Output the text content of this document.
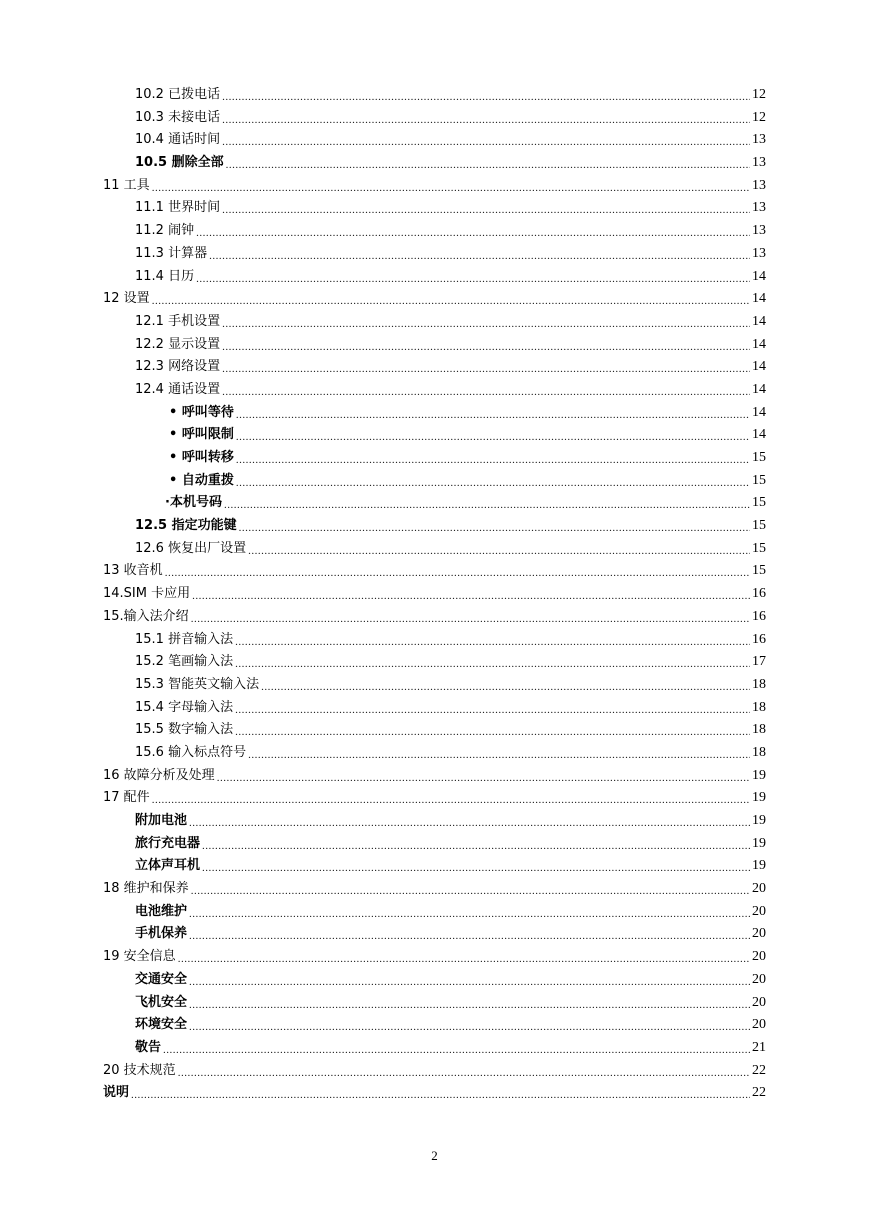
10.2 已拨电话 .....	12
10.3 未接电话 .....	12
10.4 通话时间 .....	13
10.5 删除全部 .....	13
11 工具 .....	13
11.1 世界时间 .....	13
11.2 闹钟 .....	13
11.3 计算器 .....	13
11.4 日历 .....	14
12 设置 .....	14
12.1 手机设置 .....	14
12.2 显示设置 .....	14
12.3 网络设置 .....	14
12.4 通话设置 .....	14
• 呼叫等待 .....	14
• 呼叫限制 .....	14
• 呼叫转移 .....	15
• 自动重拨 .....	15
·本机号码 .....	15
12.5 指定功能键 .....	15
12.6 恢复出厂设置 .....	15
13 收音机 .....	15
14.SIM 卡应用 .....	16
15.输入法介绍 .....	16
15.1 拼音输入法 .....	16
15.2 笔画输入法 .....	17
15.3 智能英文输入法 .....	18
15.4 字母输入法 .....	18
15.5 数字输入法 .....	18
15.6 输入标点符号 .....	18
16 故障分析及处理 .....	19
17 配件 .....	19
附加电池 .....	19
旅行充电器 .....	19
立体声耳机 .....	19
18 维护和保养 .....	20
电池维护 .....	20
手机保养 .....	20
19 安全信息 .....	20
交通安全 .....	20
飞机安全 .....	20
环境安全 .....	20
敬告 .....	21
20 技术规范 .....	22
说明 .....	22
2
